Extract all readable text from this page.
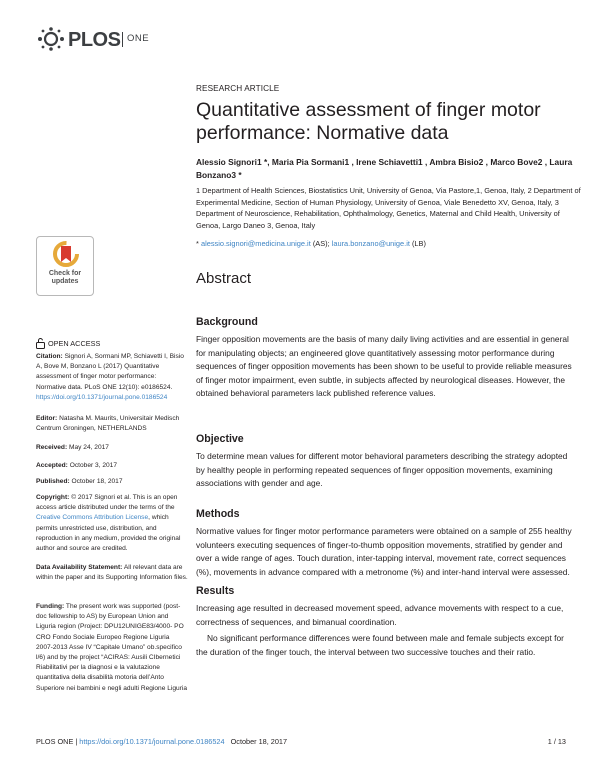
PLOS ONE
Check for updates
OPEN ACCESS
Citation: Signori A, Sormani MP, Schiavetti I, Bisio A, Bove M, Bonzano L (2017) Quantitative assessment of finger motor performance: Normative data. PLoS ONE 12(10): e0186524. https://doi.org/10.1371/journal.pone.0186524
Editor: Natasha M. Maurits, Universitair Medisch Centrum Groningen, NETHERLANDS
Received: May 24, 2017
Accepted: October 3, 2017
Published: October 18, 2017
Copyright: © 2017 Signori et al. This is an open access article distributed under the terms of the Creative Commons Attribution License, which permits unrestricted use, distribution, and reproduction in any medium, provided the original author and source are credited.
Data Availability Statement: All relevant data are within the paper and its Supporting Information files.
Funding: The present work was supported (post-doc fellowship to AS) by European Union and Liguria region (Project: DPU12UNIGE83/4000- PO CRO Fondo Sociale Europeo Regione Liguria 2007-2013 Asse IV “Capitale Umano” ob.specifico l/6) and by the project “ACIRAS: Ausili CIbernetici Riabilitativi per la diagnosi e la valutazione quantitativa della disabilità motoria dell’Anto Superiore nei bambini e negli adulti Regione Liguria
RESEARCH ARTICLE
Quantitative assessment of finger motor performance: Normative data
Alessio Signori1 *, Maria Pia Sormani1 , Irene Schiavetti1 , Ambra Bisio2 , Marco Bove2 , Laura Bonzano3 *
1 Department of Health Sciences, Biostatistics Unit, University of Genoa, Via Pastore,1, Genoa, Italy, 2 Department of Experimental Medicine, Section of Human Physiology, University of Genoa, Viale Benedetto XV, Genoa, Italy, 3 Department of Neuroscience, Rehabilitation, Ophthalmology, Genetics, Maternal and Child Health, University of Genoa, Largo Daneo 3, Genoa, Italy
* alessio.signori@medicina.unige.it (AS); laura.bonzano@unige.it (LB)
Abstract
Background

Finger opposition movements are the basis of many daily living activities and are essential in general for manipulating objects; an engineered glove quantitatively assessing motor performance during sequences of finger opposition movements has been shown to be useful to provide reliable measures of finger motor impairment, even subtle, in subjects affected by neurological diseases. However, the obtained behavioral parameters lack published reference values.

Objective

To determine mean values for different motor behavioral parameters describing the strategy adopted by healthy people in performing repeated sequences of finger opposition movements, examining associations with gender and age.

Methods

Normative values for finger motor performance parameters were obtained on a sample of 255 healthy volunteers executing sequences of finger-to-thumb opposition movements, stratified by gender and over a wide range of ages. Touch duration, inter-tapping interval, movement rate, correct sequences (%), movements in advance compared with a metronome (%) and inter-hand interval were assessed.

Results

Increasing age resulted in decreased movement speed, advance movements with respect to a cue, correctness of sequences, and bimanual coordination.

No significant performance differences were found between male and female subjects except for the duration of the finger touch, the interval between two successive touches and their ratio.

PLOS ONE
|
https://doi.org/10.1371/journal.pone.0186524
October 18, 2017	1 / 13
